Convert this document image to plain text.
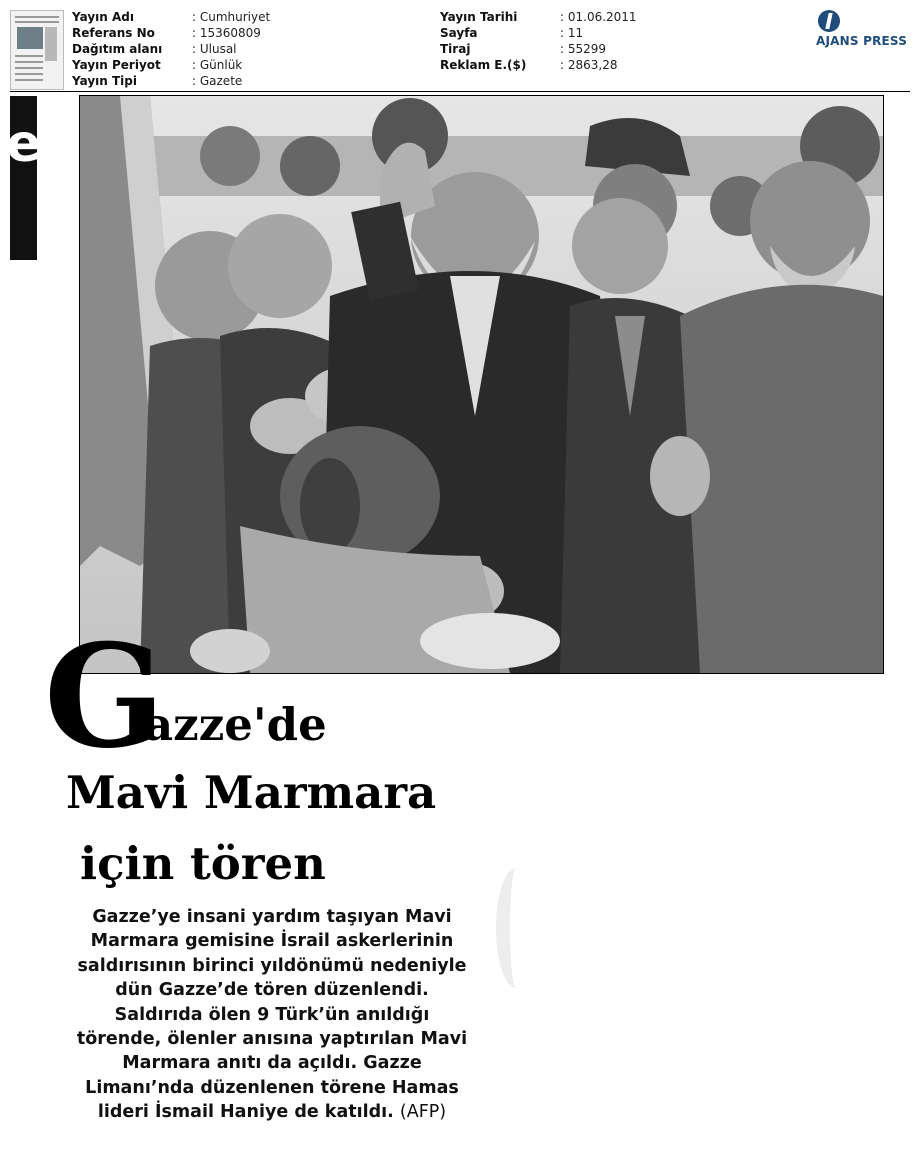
Yayın Adı	: Cumhuriyet
Referans No	: 15360809
Dağıtım alanı	: Ulusal
Yayın Periyot	: Günlük
Yayın Tipi	: Gazete
Yayın Tarihi	: 01.06.2011
Sayfa	: 11
Tiraj	: 55299
Reklam E.($)	: 2863,28
AJANS PRESS
e
G
azze'de
Mavi Marmara
için tören
Gazze’ye insani yardım taşıyan Mavi Marmara gemisine İsrail askerlerinin saldırısının birinci yıldönümü nedeniyle dün Gazze’de tören düzenlendi. Saldırıda ölen 9 Türk’ün anıldığı törende, ölenler anısına yaptırılan Mavi Marmara anıtı da açıldı. Gazze Limanı’nda düzenlenen törene Hamas lideri İsmail Haniye de katıldı. (AFP)
